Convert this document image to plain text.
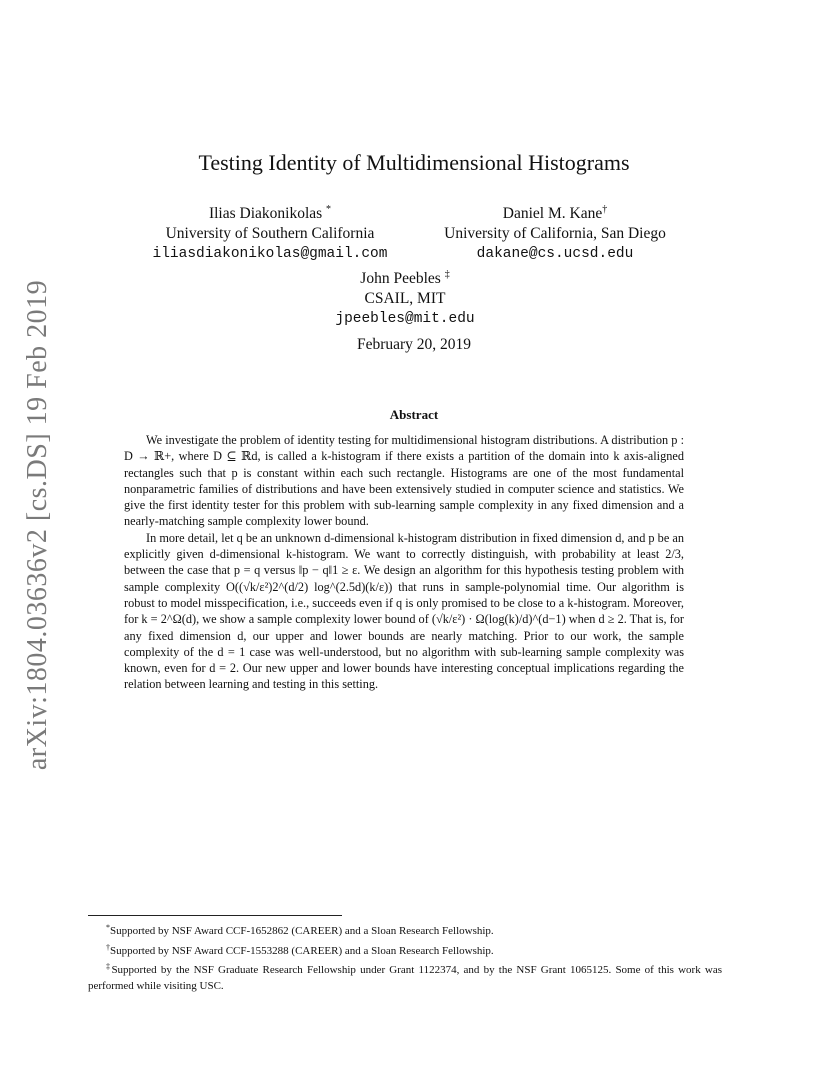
arXiv:1804.03636v2 [cs.DS] 19 Feb 2019
Testing Identity of Multidimensional Histograms
Ilias Diakonikolas *
University of Southern California
iliasdiakonikolas@gmail.com
Daniel M. Kane†
University of California, San Diego
dakane@cs.ucsd.edu
John Peebles ‡
CSAIL, MIT
jpeebles@mit.edu
February 20, 2019
Abstract

We investigate the problem of identity testing for multidimensional histogram distributions. A distribution p : D → ℝ+, where D ⊆ ℝd, is called a k-histogram if there exists a partition of the domain into k axis-aligned rectangles such that p is constant within each such rectangle. Histograms are one of the most fundamental nonparametric families of distributions and have been extensively studied in computer science and statistics. We give the first identity tester for this problem with sub-learning sample complexity in any fixed dimension and a nearly-matching sample complexity lower bound.

In more detail, let q be an unknown d-dimensional k-histogram distribution in fixed dimension d, and p be an explicitly given d-dimensional k-histogram. We want to correctly distinguish, with probability at least 2/3, between the case that p = q versus ‖p − q‖1 ≥ ε. We design an algorithm for this hypothesis testing problem with sample complexity O((√k/ε²)2^(d/2) log^(2.5d)(k/ε)) that runs in sample-polynomial time. Our algorithm is robust to model misspecification, i.e., succeeds even if q is only promised to be close to a k-histogram. Moreover, for k = 2^Ω(d), we show a sample complexity lower bound of (√k/ε²) · Ω(log(k)/d)^(d−1) when d ≥ 2. That is, for any fixed dimension d, our upper and lower bounds are nearly matching. Prior to our work, the sample complexity of the d = 1 case was well-understood, but no algorithm with sub-learning sample complexity was known, even for d = 2. Our new upper and lower bounds have interesting conceptual implications regarding the relation between learning and testing in this setting.

*Supported by NSF Award CCF-1652862 (CAREER) and a Sloan Research Fellowship.
†Supported by NSF Award CCF-1553288 (CAREER) and a Sloan Research Fellowship.
‡Supported by the NSF Graduate Research Fellowship under Grant 1122374, and by the NSF Grant 1065125. Some of this work was performed while visiting USC.
